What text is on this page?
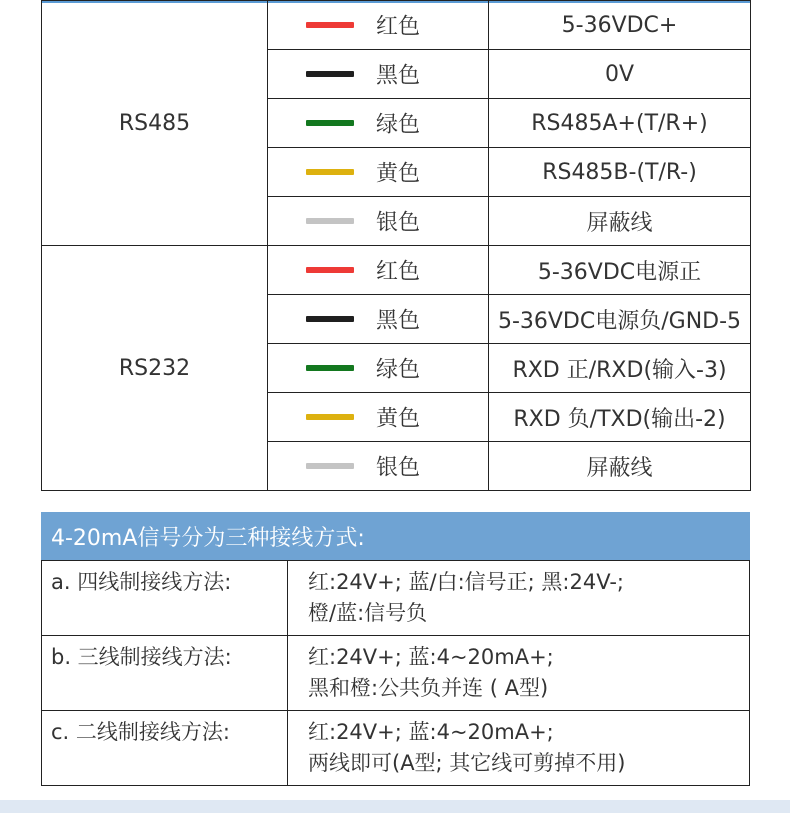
RS485	红色	5-36VDC+

	黑色	0V

	绿色	RS485A+(T/R+)

	黄色	RS485B-(T/R-)

	银色	屏蔽线
RS232	红色	5-36VDC电源正

	黑色	5-36VDC电源负/GND-5

	绿色	RXD 正/RXD(输入-3)

	黄色	RXD 负/TXD(输出-2)

	银色	屏蔽线
4-20mA信号分为三种接线方式:
a. 四线制接线方法:	红:24V+; 蓝/白:信号正; 黑:24V-;
橙/蓝:信号负

b. 三线制接线方法:	红:24V+; 蓝:4~20mA+;
黑和橙:公共负并连 ( A型)

c. 二线制接线方法:	红:24V+; 蓝:4~20mA+;
两线即可(A型; 其它线可剪掉不用)
